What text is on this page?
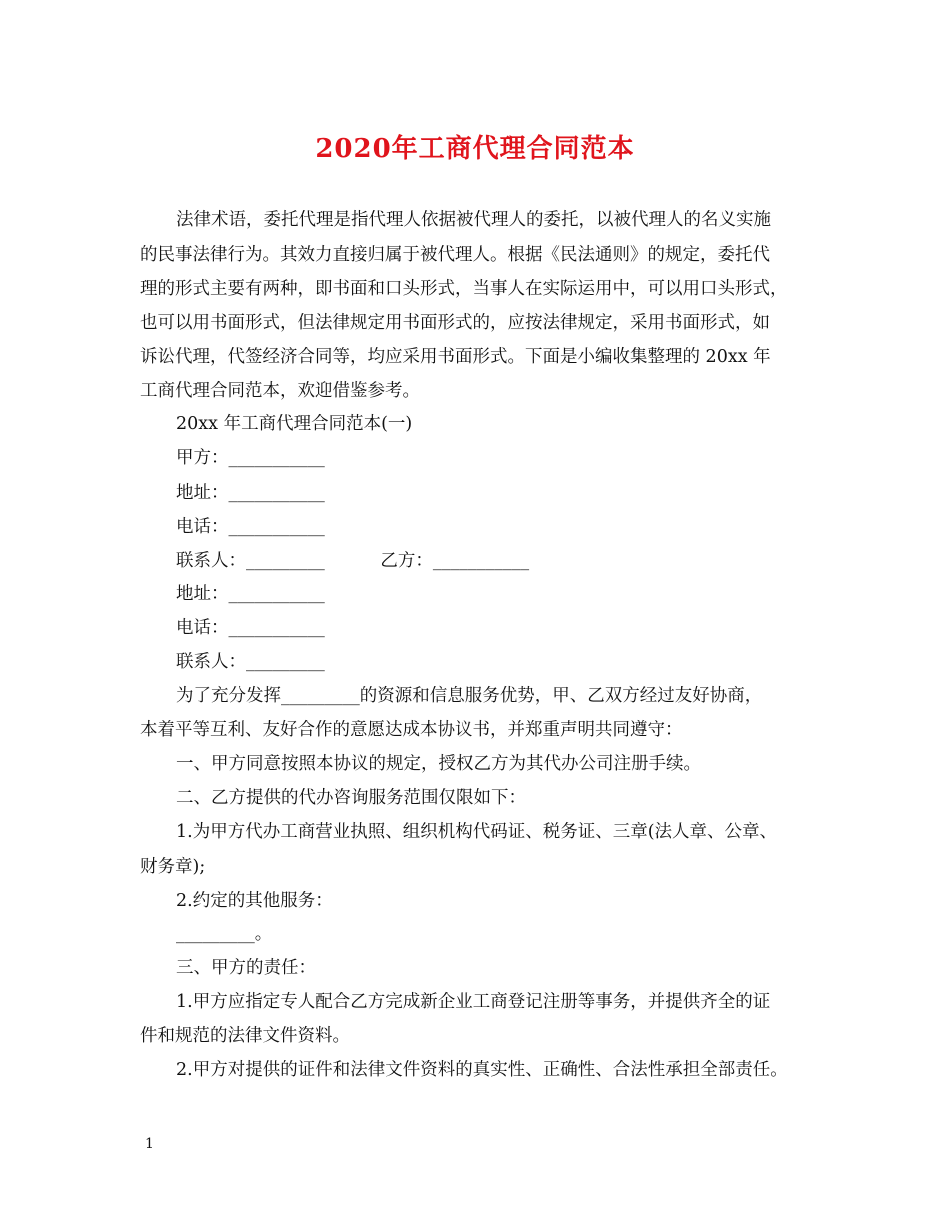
2020年工商代理合同范本
法律术语，委托代理是指代理人依据被代理人的委托，以被代理人的名义实施
的民事法律行为。其效力直接归属于被代理人。根据《民法通则》的规定，委托代
理的形式主要有两种，即书面和口头形式，当事人在实际运用中，可以用口头形式，
也可以用书面形式，但法律规定用书面形式的，应按法律规定，采用书面形式，如
诉讼代理，代签经济合同等，均应采用书面形式。下面是小编收集整理的 20xx 年
工商代理合同范本，欢迎借鉴参考。
20xx 年工商代理合同范本(一)
甲方：___________
地址：___________
电话：___________
联系人：_________          乙方：___________
地址：___________
电话：___________
联系人：_________
为了充分发挥_________的资源和信息服务优势，甲、乙双方经过友好协商，
本着平等互利、友好合作的意愿达成本协议书，并郑重声明共同遵守：
一、甲方同意按照本协议的规定，授权乙方为其代办公司注册手续。
二、乙方提供的代办咨询服务范围仅限如下：
1.为甲方代办工商营业执照、组织机构代码证、税务证、三章(法人章、公章、
财务章);
2.约定的其他服务：
_________。
三、甲方的责任：
1.甲方应指定专人配合乙方完成新企业工商登记注册等事务，并提供齐全的证
件和规范的法律文件资料。
2.甲方对提供的证件和法律文件资料的真实性、正确性、合法性承担全部责任。
1
